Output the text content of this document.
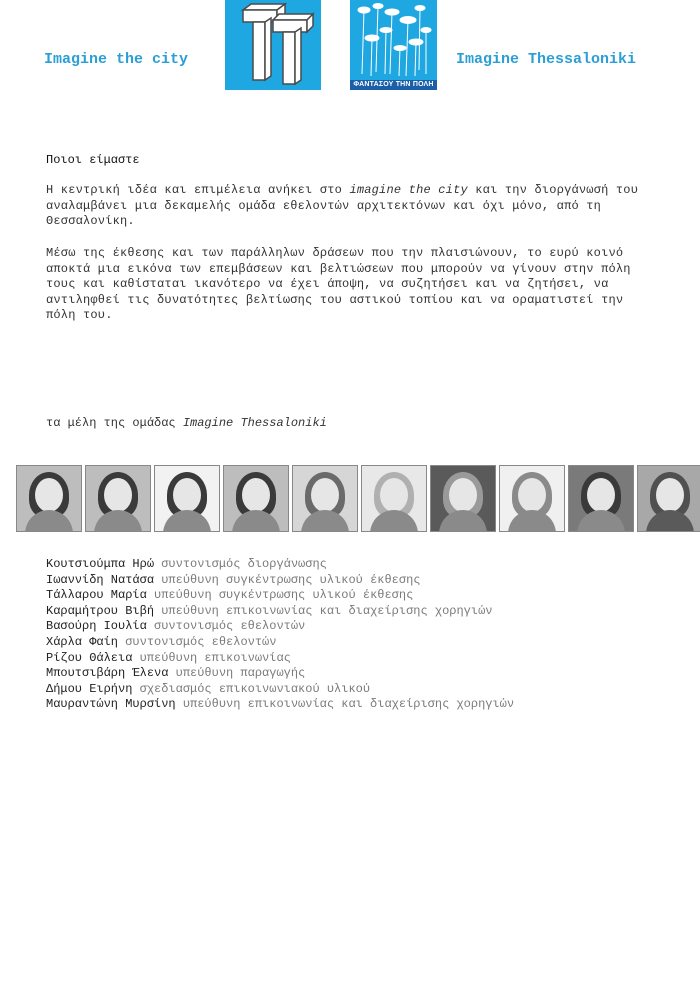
Imagine the city
ΦΑΝΤΑΣΟΥ ΤΗΝ ΠΟΛΗ
Imagine Thessaloniki
Ποιοι είμαστε
Η κεντρική ιδέα και επιμέλεια ανήκει στο imagine the city και την διοργάνωσή του αναλαμβάνει μια δεκαμελής ομάδα εθελοντών αρχιτεκτόνων και όχι μόνο, από τη Θεσσαλονίκη.
Μέσω της έκθεσης και των παράλληλων δράσεων που την πλαισιώνουν, το ευρύ κοινό αποκτά μια εικόνα των επεμβάσεων και βελτιώσεων που μπορούν να γίνουν στην πόλη τους και καθίσταται ικανότερο να έχει άποψη, να συζητήσει και να ζητήσει, να αντιληφθεί τις δυνατότητες βελτίωσης του αστικού τοπίου και να οραματιστεί την πόλη του.
τα μέλη της ομάδας Imagine Thessaloniki
Κουτσιούμπα Ηρώ συντονισμός διοργάνωσης
Ιωαννίδη Νατάσα υπεύθυνη συγκέντρωσης υλικού έκθεσης
Τάλλαρου Μαρία υπεύθυνη συγκέντρωσης υλικού έκθεσης
Καραμήτρου Βιβή υπεύθυνη επικοινωνίας και διαχείρισης χορηγιών
Βασούρη Ιουλία συντονισμός εθελοντών
Χάρλα Φαίη συντονισμός εθελοντών
Ρίζου Θάλεια υπεύθυνη επικοινωνίας
Μπουτσιβάρη Έλενα υπεύθυνη παραγωγής
Δήμου Ειρήνη σχεδιασμός επικοινωνιακού υλικού
Μαυραντώνη Μυρσίνη υπεύθυνη επικοινωνίας και διαχείρισης χορηγιών
